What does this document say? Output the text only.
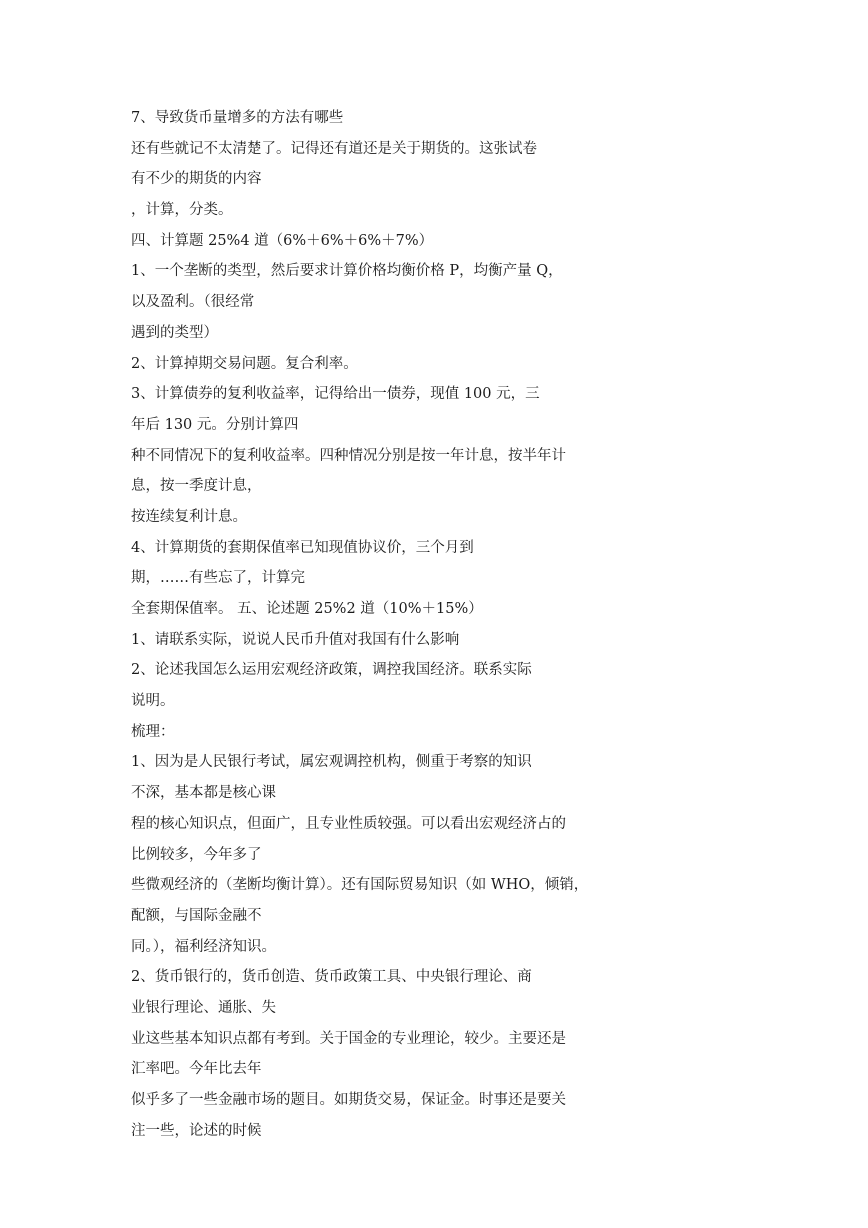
7、导致货币量增多的方法有哪些
还有些就记不太清楚了。记得还有道还是关于期货的。这张试卷
有不少的期货的内容
，计算，分类。
四、计算题 25%4 道（6%＋6%＋6%＋7%）
1、一个垄断的类型，然后要求计算价格均衡价格 P，均衡产量 Q，
以及盈利。（很经常
遇到的类型）
2、计算掉期交易问题。复合利率。
3、计算债券的复利收益率，记得给出一债券，现值 100 元，三
年后 130 元。分别计算四
种不同情况下的复利收益率。四种情况分别是按一年计息，按半年计
息，按一季度计息，
按连续复利计息。
4、计算期货的套期保值率已知现值协议价，三个月到
期，……有些忘了，计算完
全套期保值率。 五、论述题 25%2 道（10%＋15%）
1、请联系实际，说说人民币升值对我国有什么影响
2、论述我国怎么运用宏观经济政策，调控我国经济。联系实际
说明。
梳理：
1、因为是人民银行考试，属宏观调控机构，侧重于考察的知识
不深，基本都是核心课
程的核心知识点，但面广，且专业性质较强。可以看出宏观经济占的
比例较多，今年多了
些微观经济的（垄断均衡计算）。还有国际贸易知识（如 WHO，倾销，
配额，与国际金融不
同。），福利经济知识。
2、货币银行的，货币创造、货币政策工具、中央银行理论、商
业银行理论、通胀、失
业这些基本知识点都有考到。关于国金的专业理论，较少。主要还是
汇率吧。今年比去年
似乎多了一些金融市场的题目。如期货交易，保证金。时事还是要关
注一些，论述的时候
